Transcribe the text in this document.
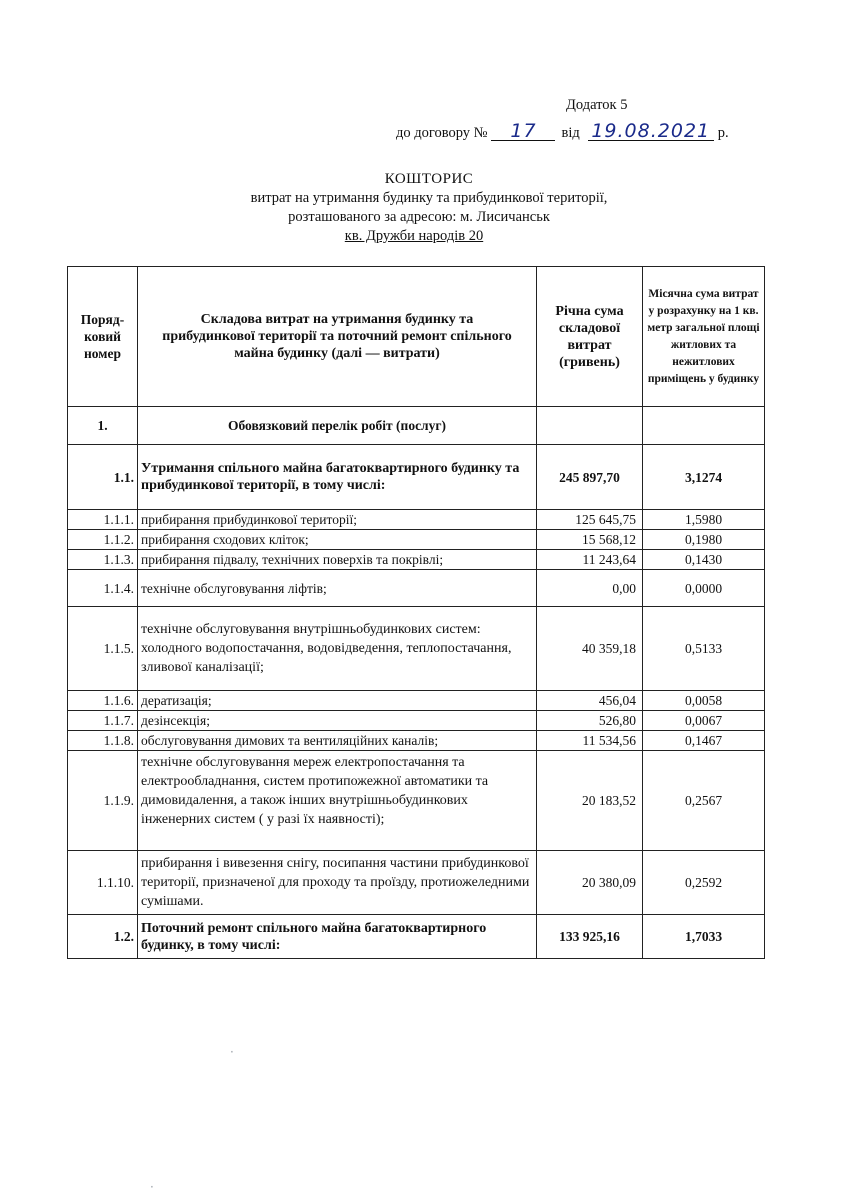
Додаток 5
до договору № 17 від 19.08.2021 р.
КОШТОРИС
витрат на утримання будинку та прибудинкової території,
розташованого за адресою: м. Лисичанськ
кв. Дружби народів 20
Поряд-ковий номер	Складова витрат на утримання будинку та прибудинкової території та поточний ремонт спільного майна будинку (далі — витрати)	Річна сума складової витрат (гривень)	Місячна сума витрат у розрахунку на 1 кв. метр загальної площі житлових та нежитлових приміщень у будинку
1.	Обовязковий перелік робіт (послуг)		
1.1.	Утримання спільного майна багатоквартирного будинку та прибудинкової території, в тому числі:	245 897,70	3,1274
1.1.1.	прибирання прибудинкової території;	125 645,75	1,5980
1.1.2.	прибирання сходових кліток;	15 568,12	0,1980
1.1.3.	прибирання підвалу, технічних поверхів та покрівлі;	11 243,64	0,1430
1.1.4.	технічне обслуговування ліфтів;	0,00	0,0000
1.1.5.	технічне обслуговування внутрішньобудинкових систем: холодного водопостачання, водовідведення, теплопостачання, зливової каналізації;	40 359,18	0,5133
1.1.6.	дератизація;	456,04	0,0058
1.1.7.	дезінсекція;	526,80	0,0067
1.1.8.	обслуговування димових та вентиляційних каналів;	11 534,56	0,1467
1.1.9.	технічне обслуговування мереж електропостачання та електрообладнання, систем протипожежної автоматики та димовидалення, а також інших внутрішньобудинкових інженерних систем ( у разі їх наявності);	20 183,52	0,2567
1.1.10.	прибирання і вивезення снігу, посипання частини прибудинкової території, призначеної для проходу та проїзду, протиожеледними сумішами.	20 380,09	0,2592
1.2.	Поточний ремонт спільного майна багатоквартирного будинку, в тому числі:	133 925,16	1,7033
·
·
